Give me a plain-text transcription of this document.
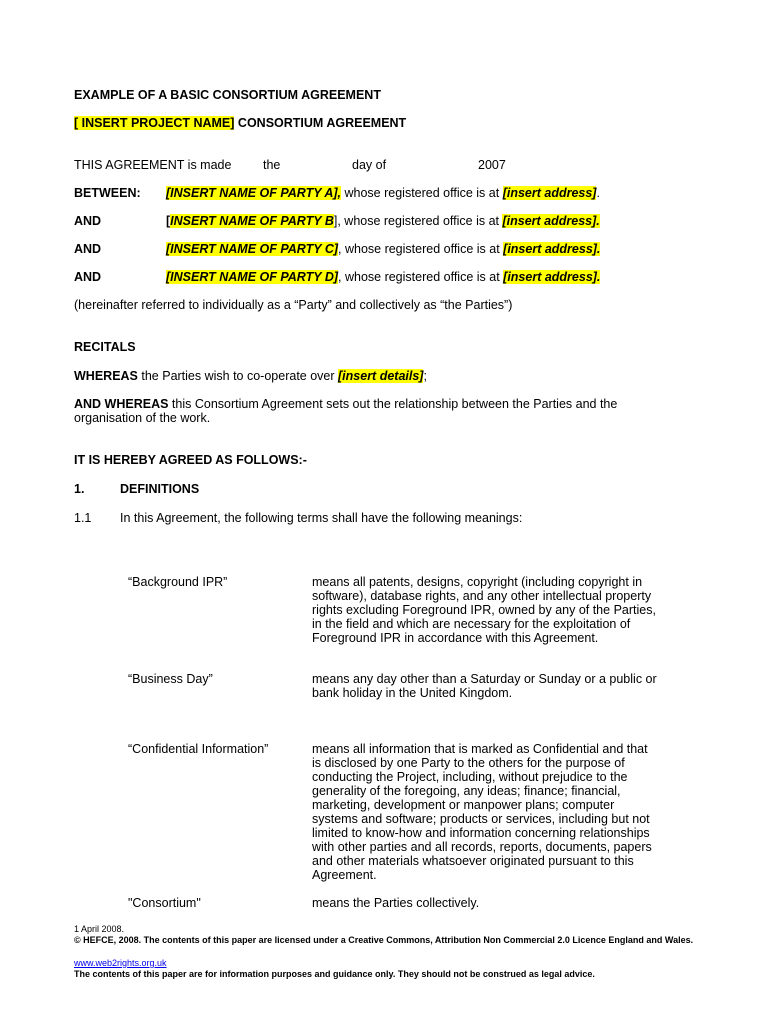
EXAMPLE OF A BASIC CONSORTIUM AGREEMENT
[ INSERT PROJECT NAME] CONSORTIUM AGREEMENT
THIS AGREEMENT is made	the	day of	2007
BETWEEN: [INSERT NAME OF PARTY A], whose registered office is at [insert address].
AND	[INSERT NAME OF PARTY B], whose registered office is at [insert address].
AND	[INSERT NAME OF PARTY C], whose registered office is at [insert address].
AND	[INSERT NAME OF PARTY D], whose registered office is at [insert address].
(hereinafter referred to individually as a “Party” and collectively as “the Parties”)
RECITALS
WHEREAS the Parties wish to co-operate over [insert details];
AND WHEREAS this Consortium Agreement sets out the relationship between the Parties and the organisation of the work.
IT IS HEREBY AGREED AS FOLLOWS:-
1.	DEFINITIONS
1.1 In this Agreement, the following terms shall have the following meanings:
“Background IPR”	means all patents, designs, copyright (including copyright in software), database rights, and any other intellectual property rights excluding Foreground IPR, owned by any of the Parties, in the field and which are necessary for the exploitation of Foreground IPR in accordance with this Agreement.
“Business Day”	means any day other than a Saturday or Sunday or a public or bank holiday in the United Kingdom.
“Confidential Information”	means all information that is marked as Confidential and that is disclosed by one Party to the others for the purpose of conducting the Project, including, without prejudice to the generality of the foregoing, any ideas; finance; financial, marketing, development or manpower plans; computer systems and software; products or services, including but not limited to know-how and information concerning relationships with other parties and all records, reports, documents, papers and other materials whatsoever originated pursuant to this Agreement.
"Consortium"	means the Parties collectively.
1 April 2008.
© HEFCE, 2008. The contents of this paper are licensed under a Creative Commons, Attribution Non Commercial 2.0 Licence England and Wales.
www.web2rights.org.uk
The contents of this paper are for information purposes and guidance only. They should not be construed as legal advice.
